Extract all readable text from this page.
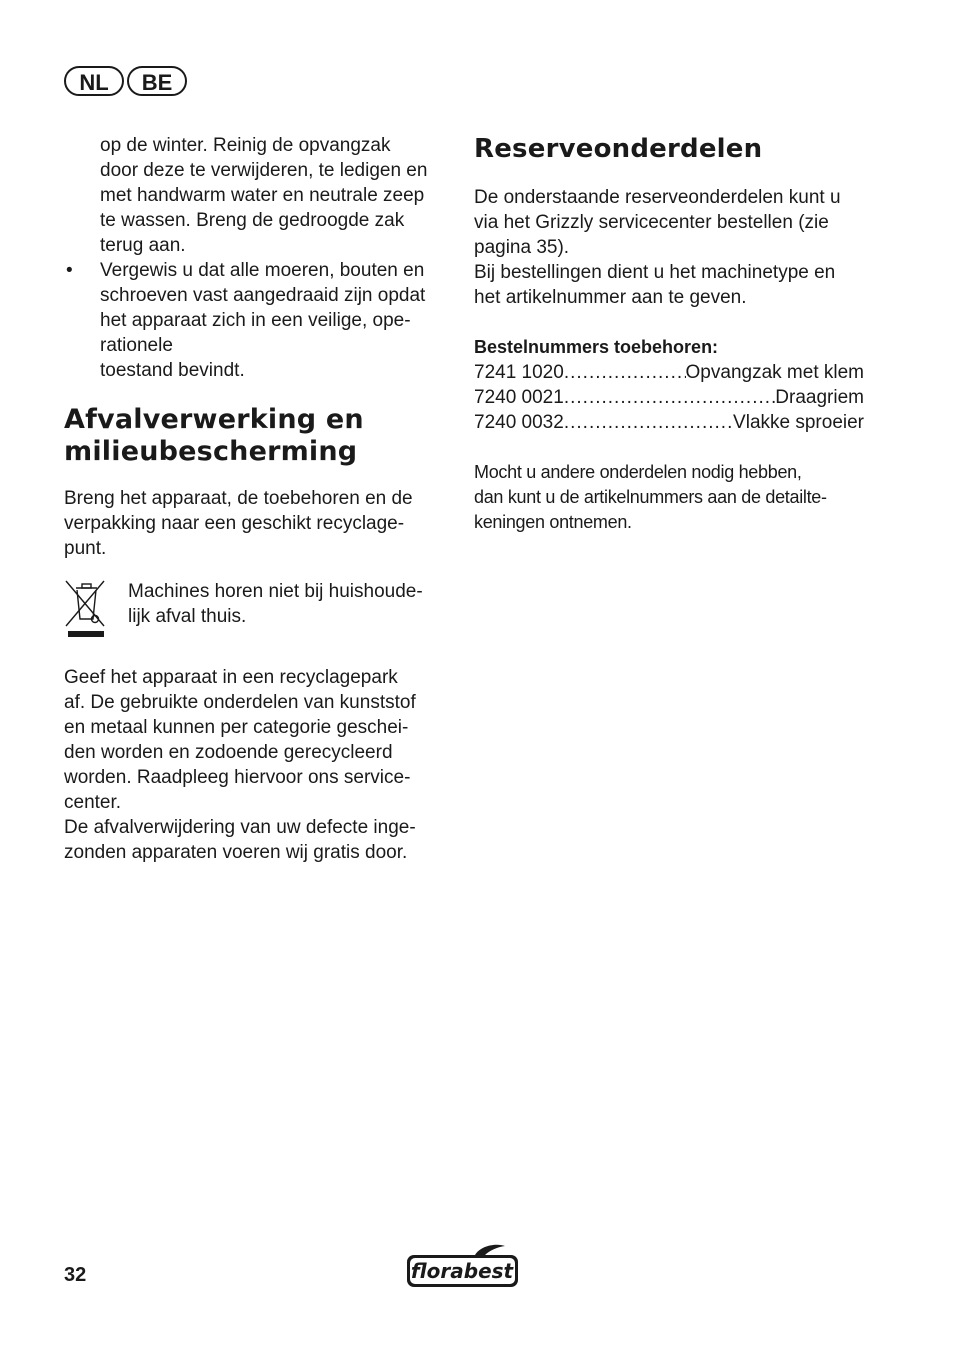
NL	BE

op de winter. Reinig de opvangzak

door deze te verwijderen, te ledigen en

met handwarm water en neutrale zeep

te wassen. Breng de gedroogde zak

terug aan.

• Vergewis u dat alle moeren, bouten en

schroeven vast aangedraaid zijn opdat

het apparaat zich in een veilige, ope-

rationele

toestand bevindt.

Afvalverwerking en
milieubescherming

Breng het apparaat, de toebehoren en de

verpakking naar een geschikt recyclage-

punt.

Machines horen niet bij huishoude-

lijk afval thuis.

Geef het apparaat in een recyclagepark

af. De gebruikte onderdelen van kunststof

en metaal kunnen per categorie geschei-

den worden en zodoende gerecycleerd

worden. Raadpleeg hiervoor ons service-

center.

De afvalverwijdering van uw defecte inge-

zonden apparaten voeren wij gratis door.

Reserveonderdelen

De onderstaande reserveonderdelen kunt u

via het Grizzly servicecenter bestellen (zie

pagina 35).

Bij bestellingen dient u het machinetype en

het artikelnummer aan te geven.

Bestelnummers toebehoren:
7241 1020 .....	Opvangzak met klem
7240 0021 .....	Draagriem
7240 0032 .....	Vlakke sproeier

Mocht u andere onderdelen nodig hebben,

dan kunt u de artikelnummers aan de detailte-

keningen ontnemen.

32	florabest
